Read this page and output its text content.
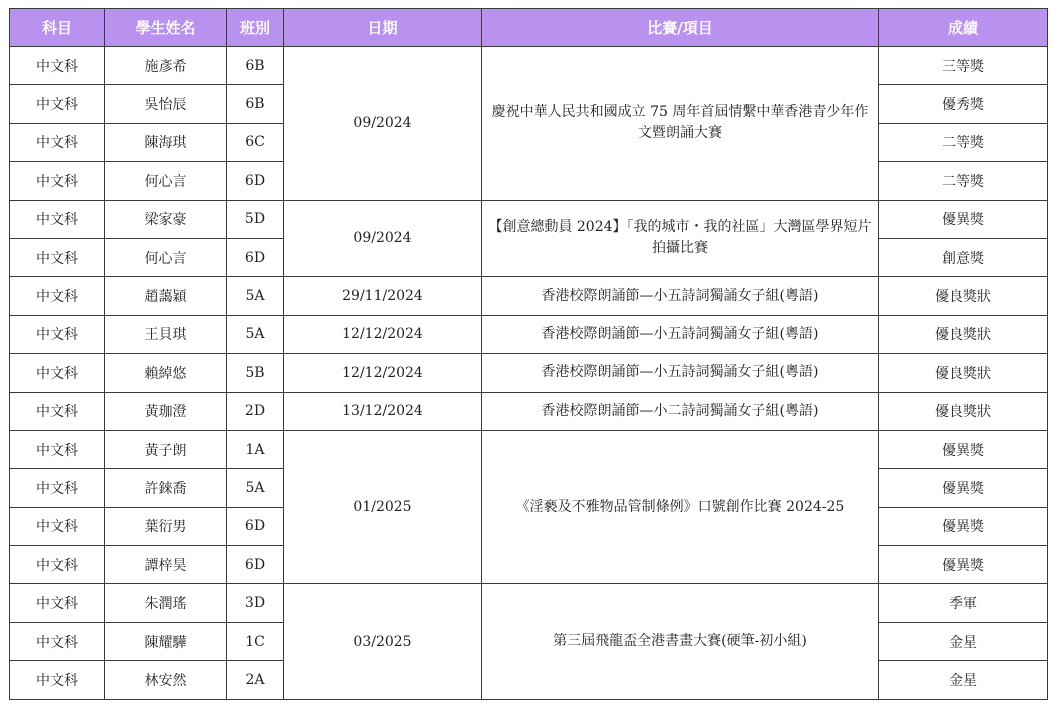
科目	學生姓名	班別	日期	比賽/項目	成績
中文科	施彥希	6B	09/2024	慶祝中華人民共和國成立 75 周年首屆情繫中華香港青少年作文暨朗誦大賽	三等獎
中文科	吳怡辰	6B			優秀獎
中文科	陳海琪	6C			二等獎
中文科	何心言	6D			二等獎
中文科	梁家豪	5D	09/2024	【創意總動員 2024】「我的城市・我的社區」大灣區學界短片拍攝比賽	優異獎
中文科	何心言	6D			創意獎
中文科	趙藹穎	5A	29/11/2024	香港校際朗誦節—小五詩詞獨誦女子組(粵語)	優良獎狀
中文科	王貝琪	5A	12/12/2024	香港校際朗誦節—小五詩詞獨誦女子組(粵語)	優良獎狀
中文科	賴綽悠	5B	12/12/2024	香港校際朗誦節—小五詩詞獨誦女子組(粵語)	優良獎狀
中文科	黃珈澄	2D	13/12/2024	香港校際朗誦節—小二詩詞獨誦女子組(粵語)	優良獎狀
中文科	黃子朗	1A	01/2025	《淫褻及不雅物品管制條例》口號創作比賽 2024-25	優異獎
中文科	許錸喬	5A			優異獎
中文科	葉衍男	6D			優異獎
中文科	譚梓昊	6D			優異獎
中文科	朱潤瑤	3D	03/2025	第三屆飛龍盃全港書畫大賽(硬筆-初小組)	季軍
中文科	陳耀驊	1C			金星
中文科	林安然	2A			金星
